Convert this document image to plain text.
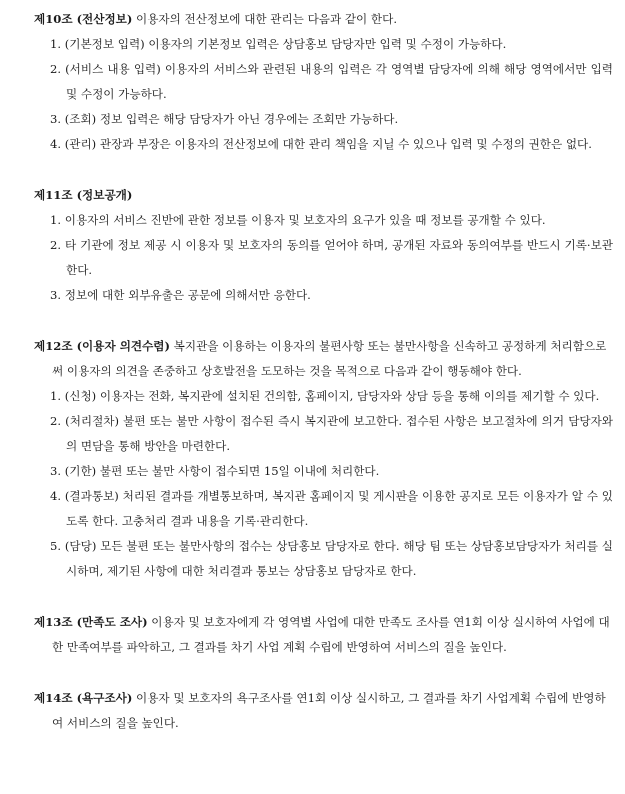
제10조 (전산정보) 이용자의 전산정보에 대한 관리는 다음과 같이 한다.

1. (기본정보 입력) 이용자의 기본정보 입력은 상담홍보 담당자만 입력 및 수정이 가능하다.

2. (서비스 내용 입력) 이용자의 서비스와 관련된 내용의 입력은 각 영역별 담당자에 의해 해당 영역에서만 입력 및 수정이 가능하다.

3. (조회) 정보 입력은 해당 담당자가 아닌 경우에는 조회만 가능하다.

4. (관리) 관장과 부장은 이용자의 전산정보에 대한 관리 책임을 지닐 수 있으나 입력 및 수정의 권한은 없다.

제11조 (정보공개)

1. 이용자의 서비스 진반에 관한 정보를 이용자 및 보호자의 요구가 있을 때 정보를 공개할 수 있다.

2. 타 기관에 정보 제공 시 이용자 및 보호자의 동의를 얻어야 하며, 공개된 자료와 동의여부를 반드시 기록·보관한다.

3. 정보에 대한 외부유출은 공문에 의해서만 응한다.

제12조 (이용자 의견수렴) 복지관을 이용하는 이용자의 불편사항 또는 불만사항을 신속하고 공정하게 처리함으로써 이용자의 의견을 존중하고 상호발전을 도모하는 것을 목적으로 다음과 같이 행동해야 한다.

1. (신청) 이용자는 전화, 복지관에 설치된 건의함, 홈페이지, 담당자와 상담 등을 통해 이의를 제기할 수 있다.

2. (처리절차) 불편 또는 불만 사항이 접수된 즉시 복지관에 보고한다. 접수된 사항은 보고절차에 의거 담당자와의 면담을 통해 방안을 마련한다.

3. (기한) 불편 또는 불만 사항이 접수되면 15일 이내에 처리한다.

4. (결과통보) 처리된 결과를 개별통보하며, 복지관 홈페이지 및 게시판을 이용한 공지로 모든 이용자가 알 수 있도록 한다. 고충처리 결과 내용을 기록·관리한다.

5. (담당) 모든 불편 또는 불만사항의 접수는 상담홍보 담당자로 한다. 해당 팀 또는 상담홍보담당자가 처리를 실시하며, 제기된 사항에 대한 처리결과 통보는 상담홍보 담당자로 한다.

제13조 (만족도 조사) 이용자 및 보호자에게 각 영역별 사업에 대한 만족도 조사를 연1회 이상 실시하여 사업에 대한 만족여부를 파악하고, 그 결과를 차기 사업 계획 수립에 반영하여 서비스의 질을 높인다.

제14조 (욕구조사) 이용자 및 보호자의 욕구조사를 연1회 이상 실시하고, 그 결과를 차기 사업계획 수립에 반영하여 서비스의 질을 높인다.
